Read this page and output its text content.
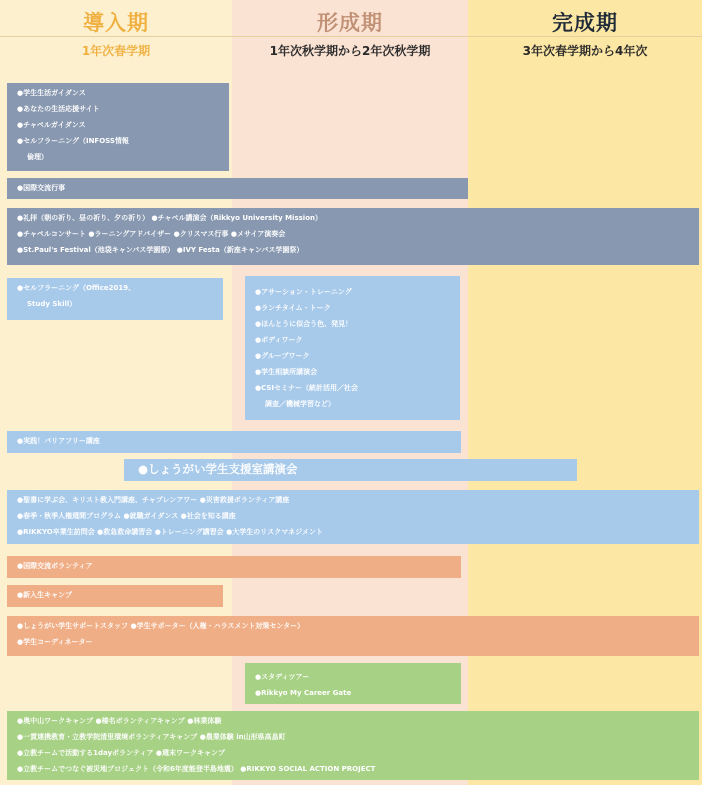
導入期
1年次春学期
形成期
1年次秋学期から2年次秋学期
完成期
3年次春学期から4年次
●学生生活ガイダンス
●あなたの生活応援サイト
●チャペルガイダンス
●セルフラーニング（INFOSS情報
倫理）
●国際交流行事
●礼拝（朝の祈り、昼の祈り、夕の祈り） ●チャペル講演会（Rikkyo University Mission）
●チャペルコンサート ●ラーニングアドバイザー ●クリスマス行事 ●メサイア演奏会
●St.Paul's Festival（池袋キャンパス学園祭） ●IVY Festa（新座キャンパス学園祭）
●セルフラーニング（Office2019、
Study Skill）
●アサーション・トレーニング
●ランチタイム・トーク
●ほんとうに似合う色、発見！
●ボディワーク
●グループワーク
●学生相談所講演会
●CSIセミナー（統計活用／社会
調査／機械学習など）
●実践！バリアフリー講座
●しょうがい学生支援室講演会
●聖書に学ぶ会、キリスト教入門講座、チャプレンアワー ●災害救援ボランティア講座
●春季・秋季人権週間プログラム ●就職ガイダンス ●社会を知る講座
●RIKKYO卒業生訪問会 ●救急救命講習会 ●トレーニング講習会 ●大学生のリスクマネジメント
●国際交流ボランティア
●新入生キャンプ
●しょうがい学生サポートスタッフ ●学生サポーター（人権・ハラスメント対策センター）
●学生コーディネーター
●スタディツアー
●Rikkyo My Career Gate
●奥中山ワークキャンプ ●榛名ボランティアキャンプ ●林業体験
●一貫連携教育・立教学院清里環境ボランティアキャンプ ●農業体験 in山形県高畠町
●立教チームで活動する1dayボランティア ●週末ワークキャンプ
●立教チームでつなぐ被災地プロジェクト（令和6年度能登半島地震） ●RIKKYO SOCIAL ACTION PROJECT
